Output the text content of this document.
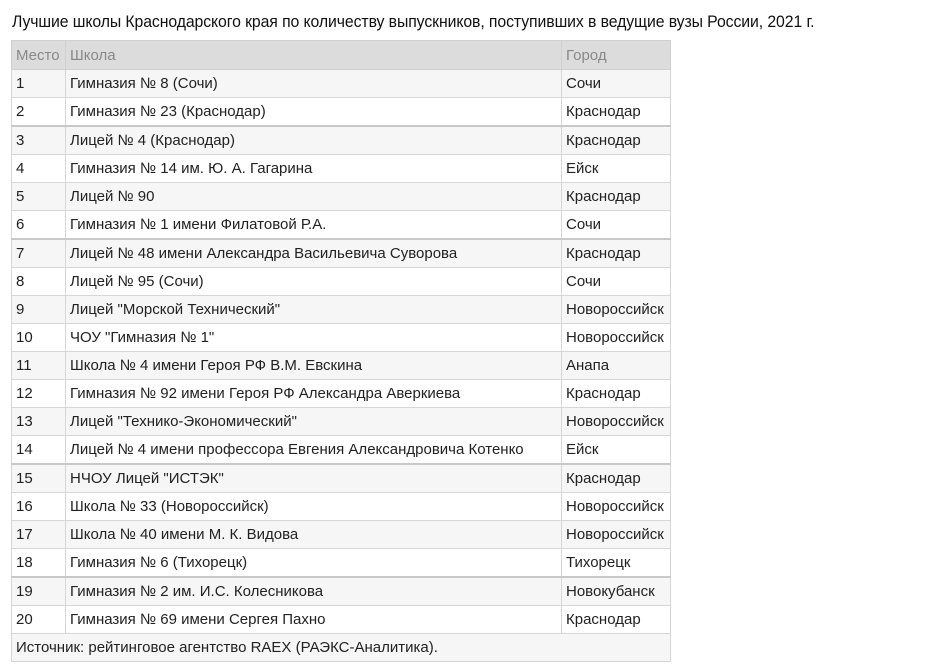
Лучшие школы Краснодарского края по количеству выпускников, поступивших в ведущие вузы России, 2021 г.
Место	Школа	Город
1	Гимназия № 8 (Сочи)	Сочи
2	Гимназия № 23 (Краснодар)	Краснодар
3	Лицей № 4 (Краснодар)	Краснодар
4	Гимназия № 14 им. Ю. А. Гагарина	Ейск
5	Лицей № 90	Краснодар
6	Гимназия № 1 имени Филатовой Р.А.	Сочи
7	Лицей № 48 имени Александра Васильевича Суворова	Краснодар
8	Лицей № 95 (Сочи)	Сочи
9	Лицей "Морской Технический"	Новороссийск
10	ЧОУ "Гимназия № 1"	Новороссийск
11	Школа № 4 имени Героя РФ В.М. Евскина	Анапа
12	Гимназия № 92 имени Героя РФ Александра Аверкиева	Краснодар
13	Лицей "Технико-Экономический"	Новороссийск
14	Лицей № 4 имени профессора Евгения Александровича Котенко	Ейск
15	НЧОУ Лицей "ИСТЭК"	Краснодар
16	Школа № 33 (Новороссийск)	Новороссийск
17	Школа № 40 имени М. К. Видова	Новороссийск
18	Гимназия № 6 (Тихорецк)	Тихорецк
19	Гимназия № 2 им. И.С. Колесникова	Новокубанск
20	Гимназия № 69 имени Сергея Пахно	Краснодар
Источник: рейтинговое агентство RAEX (РАЭКС-Аналитика).		
